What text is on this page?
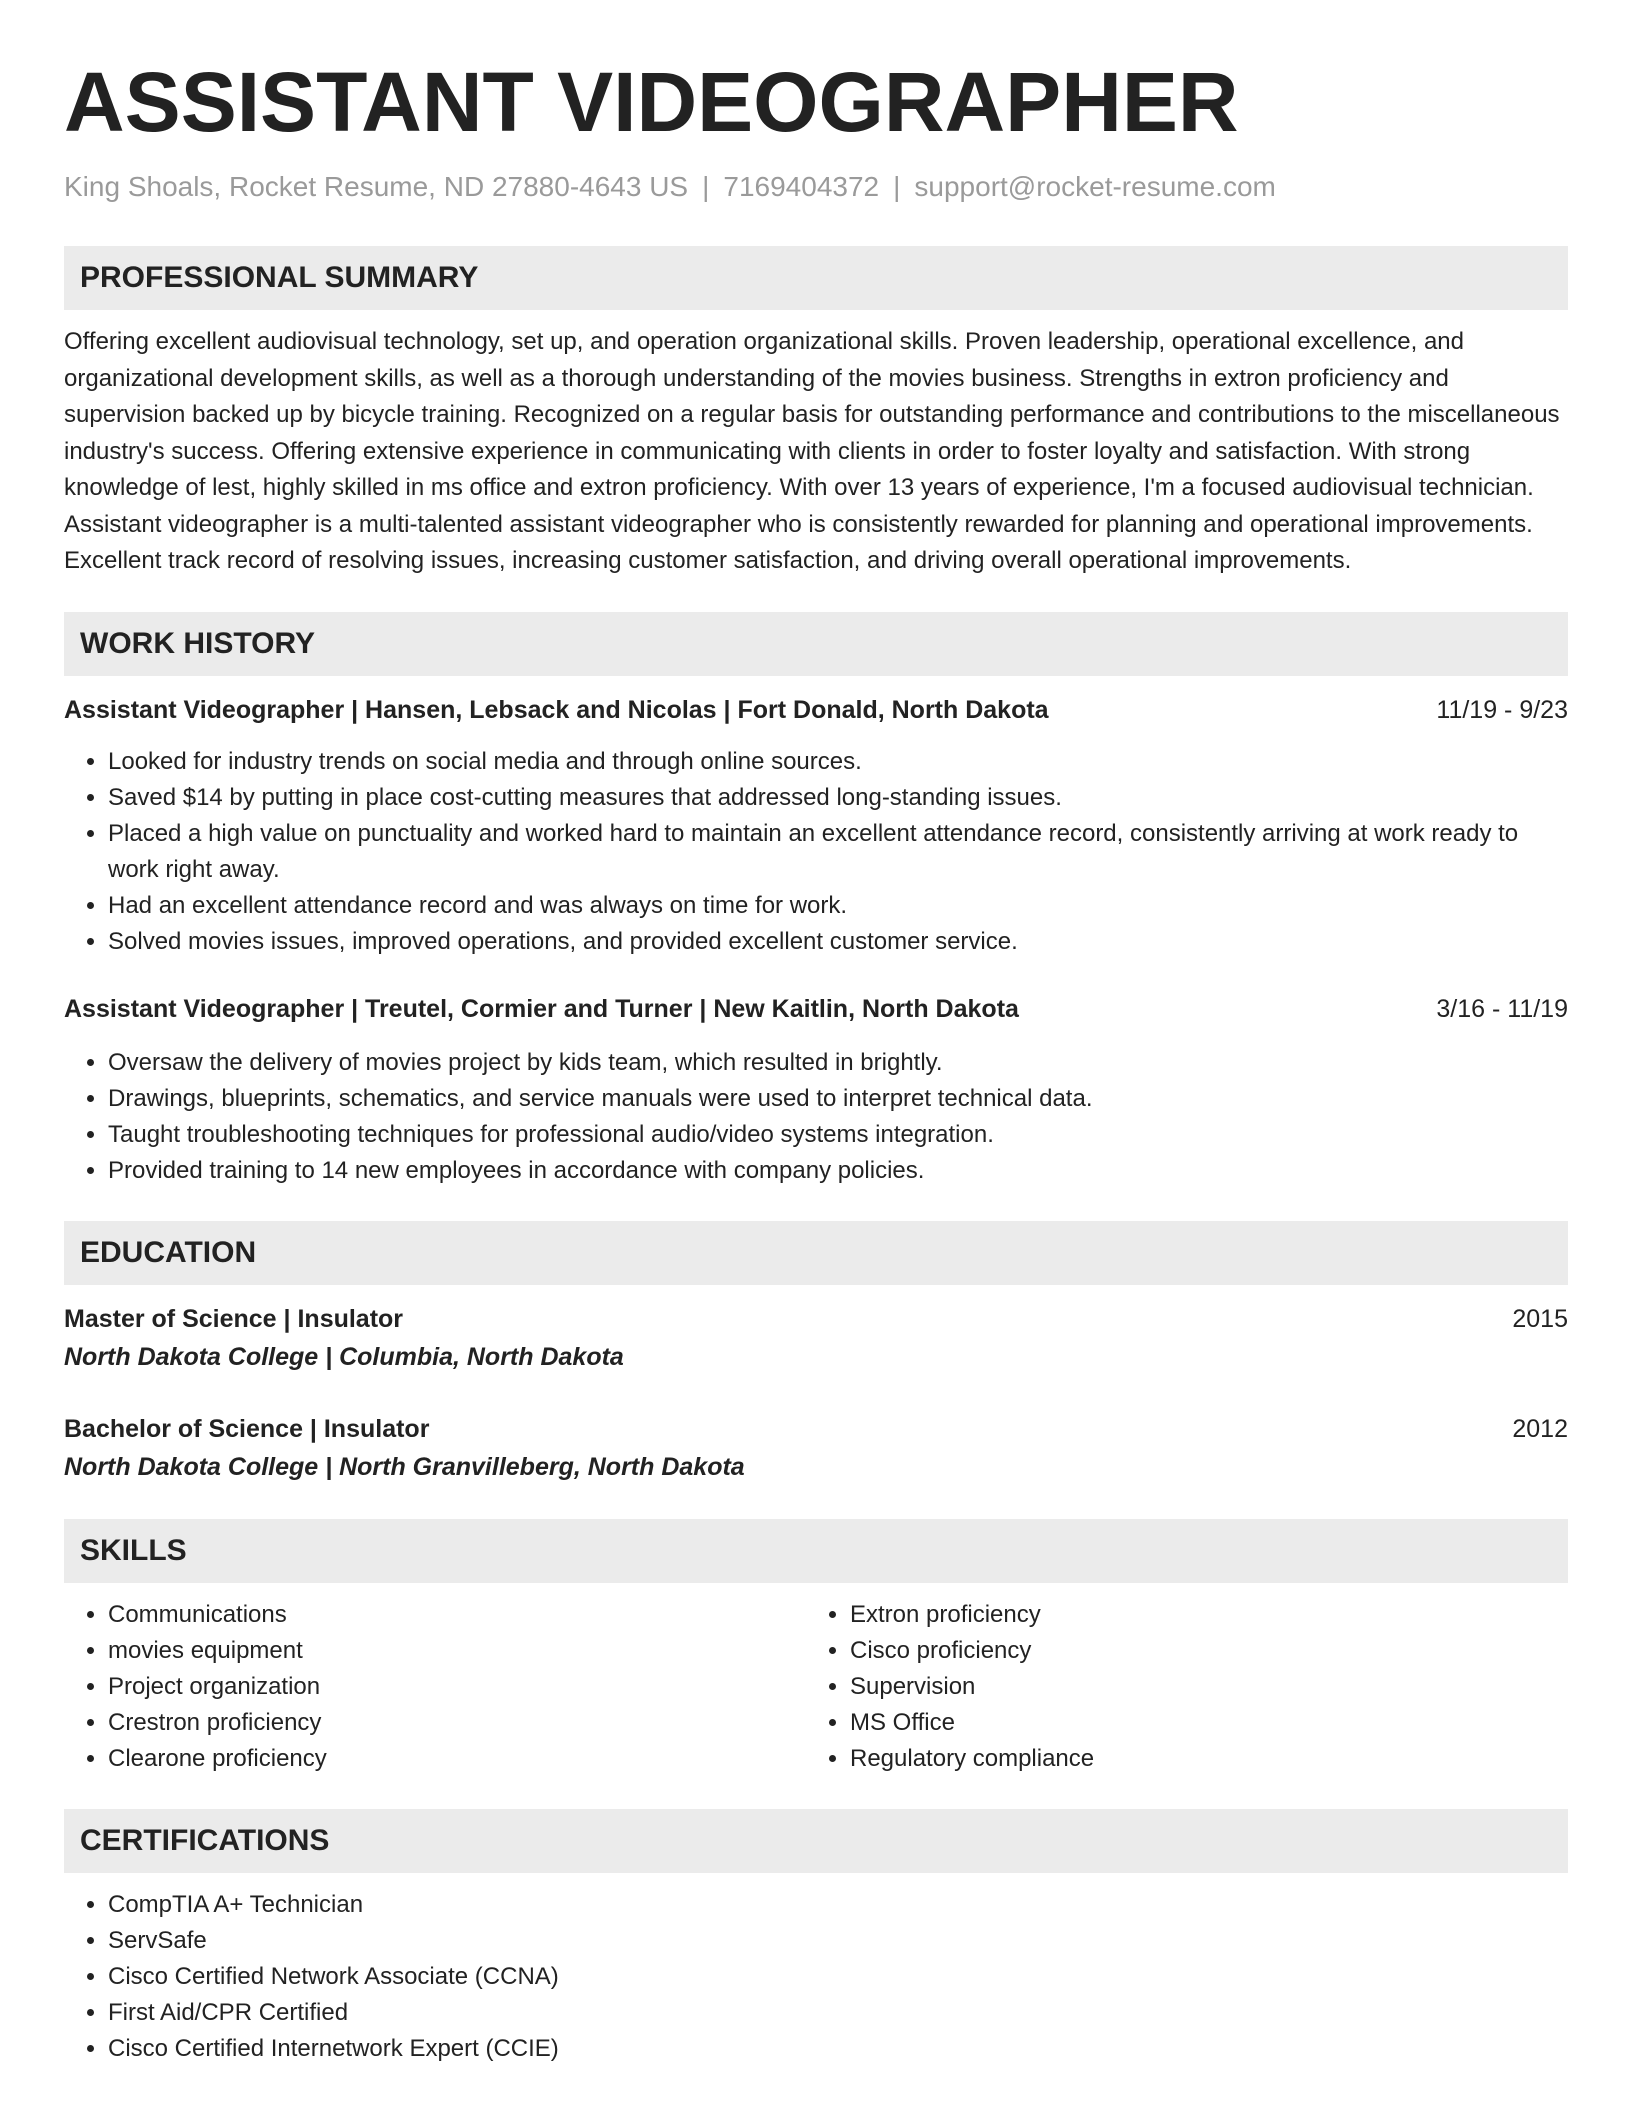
ASSISTANT VIDEOGRAPHER
King Shoals, Rocket Resume, ND 27880-4643 US | 7169404372 | support@rocket-resume.com
PROFESSIONAL SUMMARY
Offering excellent audiovisual technology, set up, and operation organizational skills. Proven leadership, operational excellence, and organizational development skills, as well as a thorough understanding of the movies business. Strengths in extron proficiency and supervision backed up by bicycle training. Recognized on a regular basis for outstanding performance and contributions to the miscellaneous industry's success. Offering extensive experience in communicating with clients in order to foster loyalty and satisfaction. With strong knowledge of lest, highly skilled in ms office and extron proficiency. With over 13 years of experience, I'm a focused audiovisual technician. Assistant videographer is a multi-talented assistant videographer who is consistently rewarded for planning and operational improvements. Excellent track record of resolving issues, increasing customer satisfaction, and driving overall operational improvements.
WORK HISTORY
Assistant Videographer | Hansen, Lebsack and Nicolas | Fort Donald, North Dakota	11/19 - 9/23
• Looked for industry trends on social media and through online sources.
• Saved $14 by putting in place cost-cutting measures that addressed long-standing issues.
• Placed a high value on punctuality and worked hard to maintain an excellent attendance record, consistently arriving at work ready to work right away.
• Had an excellent attendance record and was always on time for work.
• Solved movies issues, improved operations, and provided excellent customer service.
Assistant Videographer | Treutel, Cormier and Turner | New Kaitlin, North Dakota	3/16 - 11/19
• Oversaw the delivery of movies project by kids team, which resulted in brightly.
• Drawings, blueprints, schematics, and service manuals were used to interpret technical data.
• Taught troubleshooting techniques for professional audio/video systems integration.
• Provided training to 14 new employees in accordance with company policies.
EDUCATION
Master of Science | Insulator	2015
North Dakota College | Columbia, North Dakota
Bachelor of Science | Insulator	2012
North Dakota College | North Granvilleberg, North Dakota
SKILLS
• Communications
• movies equipment
• Project organization
• Crestron proficiency
• Clearone proficiency
• Extron proficiency
• Cisco proficiency
• Supervision
• MS Office
• Regulatory compliance
CERTIFICATIONS
• CompTIA A+ Technician
• ServSafe
• Cisco Certified Network Associate (CCNA)
• First Aid/CPR Certified
• Cisco Certified Internetwork Expert (CCIE)
